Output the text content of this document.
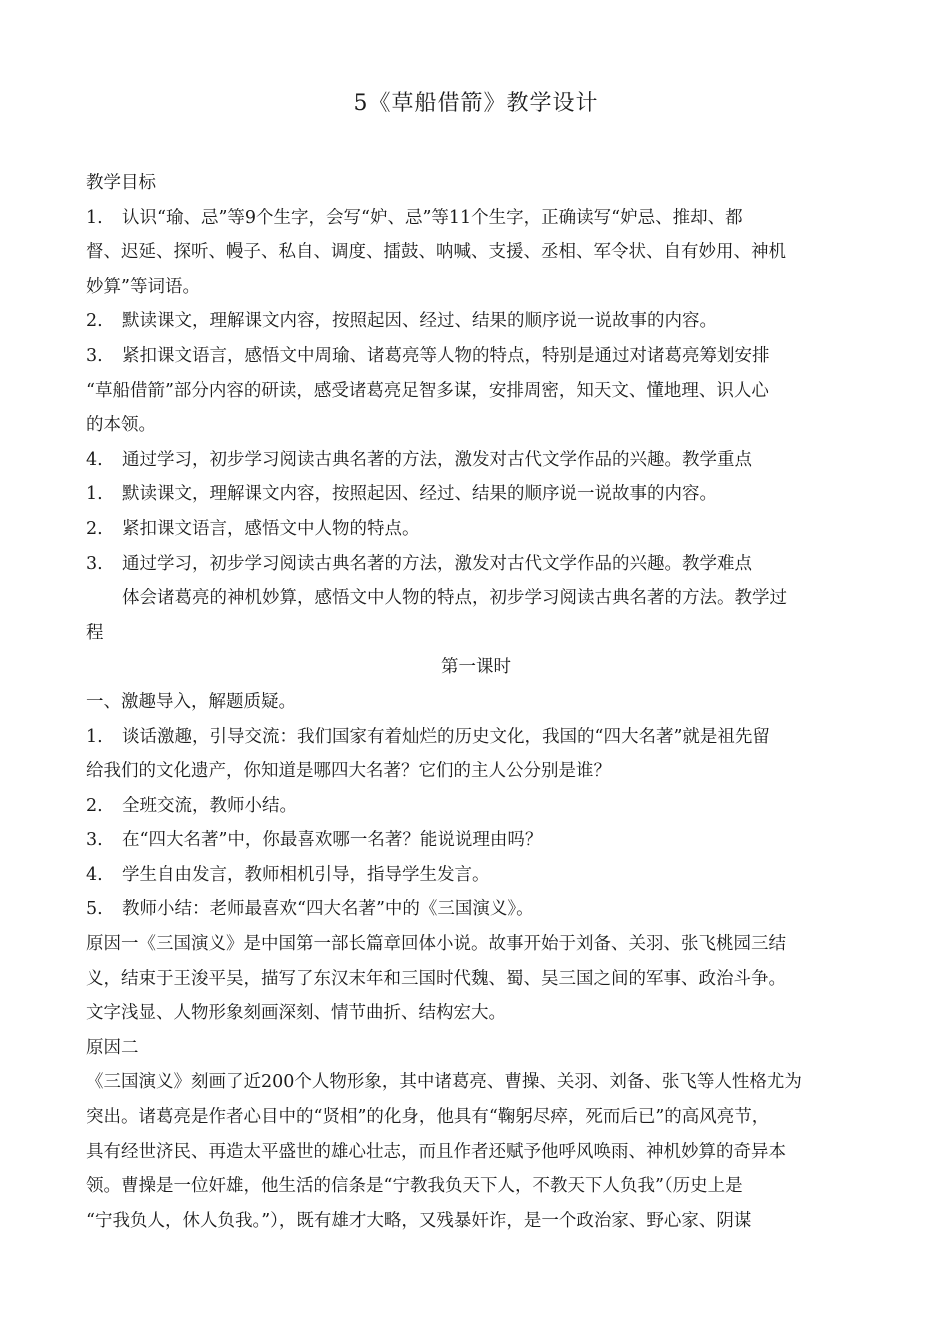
5《草船借箭》教学设计
教学目标
1. 认识“瑜、忌”等9个生字，会写“妒、忌”等11个生字，正确读写“妒忌、推却、都
督、迟延、探听、幔子、私自、调度、擂鼓、呐喊、支援、丞相、军令状、自有妙用、神机
妙算”等词语。
2. 默读课文，理解课文内容，按照起因、经过、结果的顺序说一说故事的内容。
3. 紧扣课文语言，感悟文中周瑜、诸葛亮等人物的特点，特别是通过对诸葛亮筹划安排
“草船借箭”部分内容的研读，感受诸葛亮足智多谋，安排周密，知天文、懂地理、识人心
的本领。
4. 通过学习，初步学习阅读古典名著的方法，激发对古代文学作品的兴趣。教学重点
1. 默读课文，理解课文内容，按照起因、经过、结果的顺序说一说故事的内容。
2. 紧扣课文语言，感悟文中人物的特点。
3. 通过学习，初步学习阅读古典名著的方法，激发对古代文学作品的兴趣。教学难点
体会诸葛亮的神机妙算，感悟文中人物的特点，初步学习阅读古典名著的方法。教学过
程
第一课时
一、激趣导入，解题质疑。
1. 谈话激趣，引导交流：我们国家有着灿烂的历史文化，我国的“四大名著”就是祖先留
给我们的文化遗产，你知道是哪四大名著？它们的主人公分别是谁？
2. 全班交流，教师小结。
3. 在“四大名著”中，你最喜欢哪一名著？能说说理由吗？
4. 学生自由发言，教师相机引导，指导学生发言。
5. 教师小结：老师最喜欢“四大名著”中的《三国演义》。
原因一《三国演义》是中国第一部长篇章回体小说。故事开始于刘备、关羽、张飞桃园三结
义，结束于王浚平吴，描写了东汉末年和三国时代魏、蜀、吴三国之间的军事、政治斗争。
文字浅显、人物形象刻画深刻、情节曲折、结构宏大。
原因二
《三国演义》刻画了近200个人物形象，其中诸葛亮、曹操、关羽、刘备、张飞等人性格尤为
突出。诸葛亮是作者心目中的“贤相”的化身，他具有“鞠躬尽瘁，死而后已”的高风亮节，
具有经世济民、再造太平盛世的雄心壮志，而且作者还赋予他呼风唤雨、神机妙算的奇异本
领。曹操是一位奸雄，他生活的信条是“宁教我负天下人，不教天下人负我”（历史上是
“宁我负人，休人负我。”），既有雄才大略，又残暴奸诈，是一个政治家、野心家、阴谋
